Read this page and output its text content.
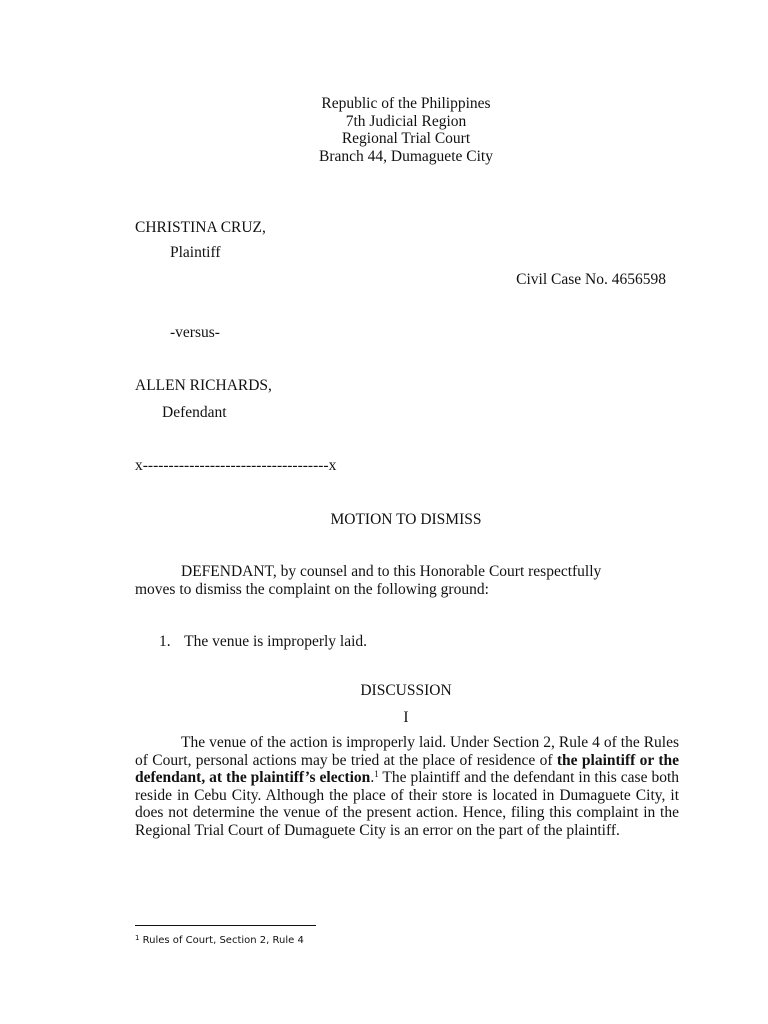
Republic of the Philippines
7th Judicial Region
Regional Trial Court
Branch 44, Dumaguete City
CHRISTINA CRUZ,
Plaintiff
Civil Case No. 4656598
-versus-
ALLEN RICHARDS,
Defendant
x------------------------------------x
MOTION TO DISMISS
DEFENDANT, by counsel and to this Honorable Court respectfully
moves to dismiss the complaint on the following ground:
1. The venue is improperly laid.
DISCUSSION
I
The venue of the action is improperly laid. Under Section 2, Rule 4 of the Rules of Court, personal actions may be tried at the place of residence of the plaintiff or the defendant, at the plaintiff’s election.$^1$ The plaintiff and the defendant in this case both reside in Cebu City. Although the place of their store is located in Dumaguete City, it does not determine the venue of the present action. Hence, filing this complaint in the Regional Trial Court of Dumaguete City is an error on the part of the plaintiff.
$^1$ Rules of Court, Section 2, Rule 4
